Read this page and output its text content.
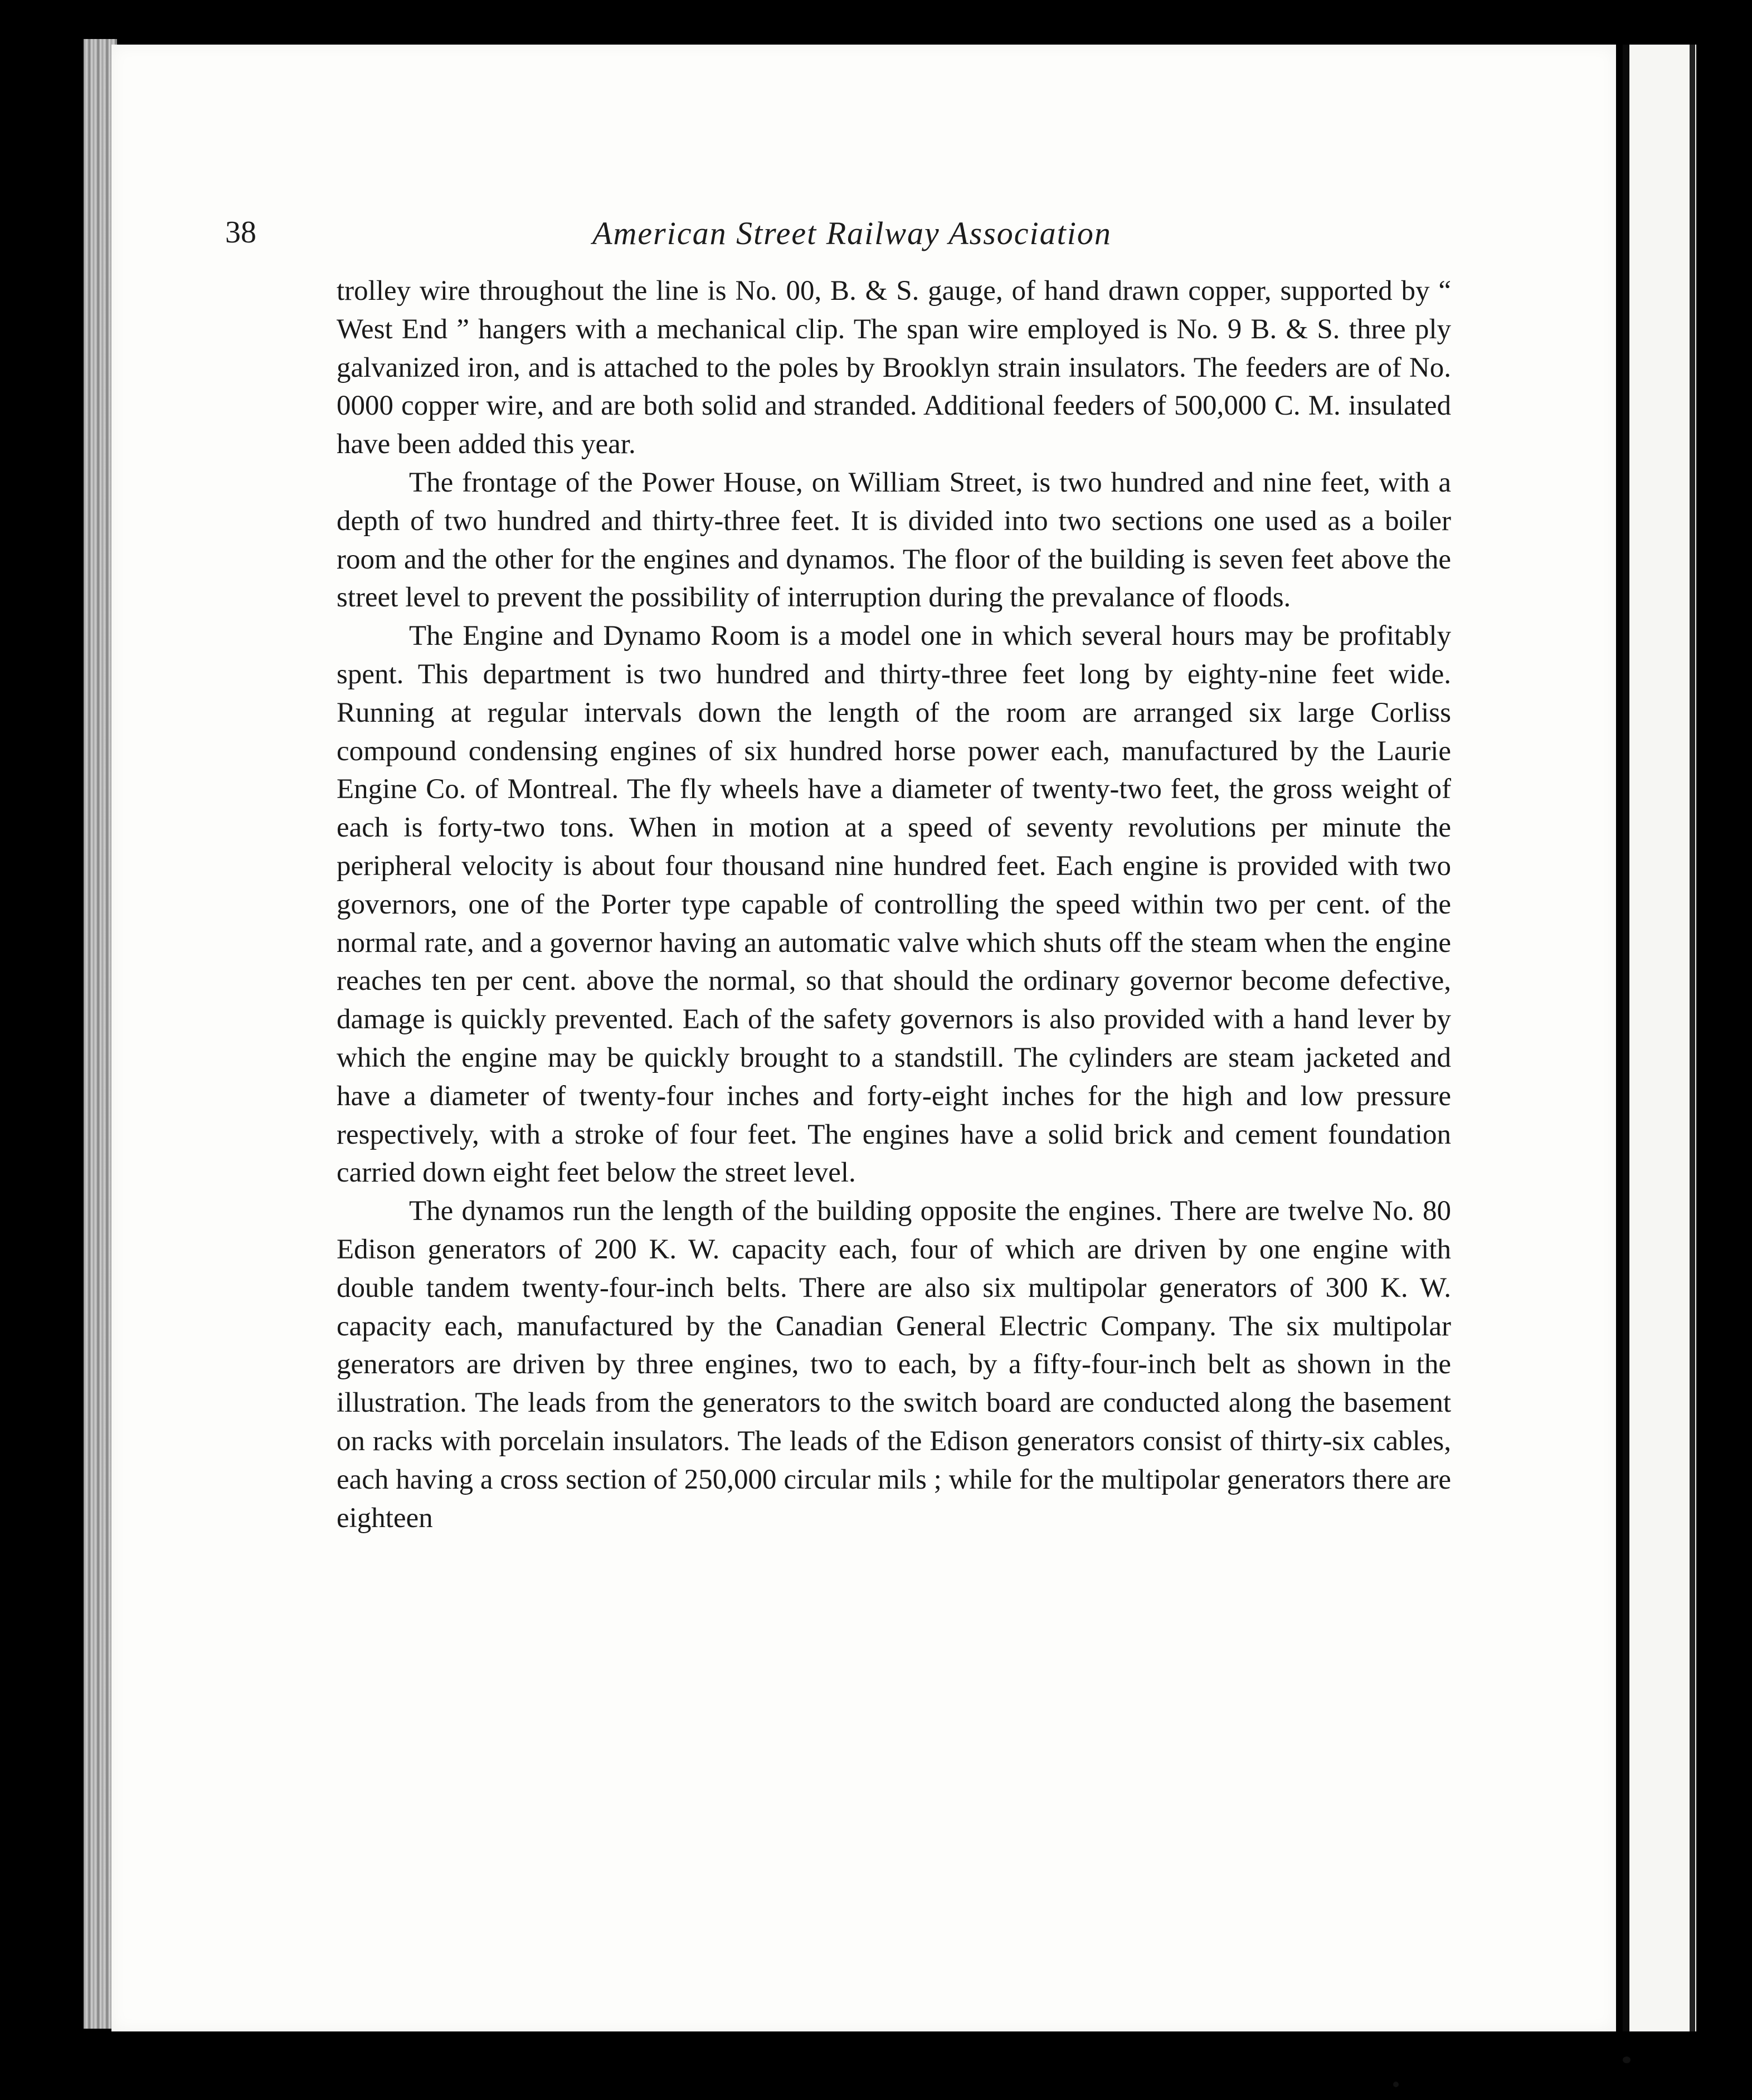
38	American Street Railway Association

trolley wire throughout the line is No. 00, B. & S. gauge, of hand drawn copper, supported by “ West End ” hangers with a mechanical clip. The span wire employed is No. 9 B. & S. three ply galvanized iron, and is attached to the poles by Brooklyn strain insulators. The feeders are of No. 0000 copper wire, and are both solid and stranded. Additional feeders of 500,000 C. M. insulated have been added this year.

The frontage of the Power House, on William Street, is two hundred and nine feet, with a depth of two hundred and thirty-three feet. It is divided into two sections one used as a boiler room and the other for the engines and dynamos. The floor of the building is seven feet above the street level to prevent the possibility of interruption during the prevalance of floods.

The Engine and Dynamo Room is a model one in which several hours may be profitably spent. This department is two hundred and thirty-three feet long by eighty-nine feet wide. Running at regular intervals down the length of the room are arranged six large Corliss compound condensing engines of six hundred horse power each, manufactured by the Laurie Engine Co. of Montreal. The fly wheels have a diameter of twenty-two feet, the gross weight of each is forty-two tons. When in motion at a speed of seventy revolutions per minute the peripheral velocity is about four thousand nine hundred feet. Each engine is provided with two governors, one of the Porter type capable of controlling the speed within two per cent. of the normal rate, and a governor having an automatic valve which shuts off the steam when the engine reaches ten per cent. above the normal, so that should the ordinary governor become defective, damage is quickly prevented. Each of the safety governors is also provided with a hand lever by which the engine may be quickly brought to a standstill. The cylinders are steam jacketed and have a diameter of twenty-four inches and forty-eight inches for the high and low pressure respectively, with a stroke of four feet. The engines have a solid brick and cement foundation carried down eight feet below the street level.

The dynamos run the length of the building opposite the engines. There are twelve No. 80 Edison generators of 200 K. W. capacity each, four of which are driven by one engine with double tandem twenty-four-inch belts. There are also six multipolar generators of 300 K. W. capacity each, manufactured by the Canadian General Electric Company. The six multipolar generators are driven by three engines, two to each, by a fifty-four-inch belt as shown in the illustration. The leads from the generators to the switch board are conducted along the basement on racks with porcelain insulators. The leads of the Edison generators consist of thirty-six cables, each having a cross section of 250,000 circular mils ; while for the multipolar generators there are eighteen
